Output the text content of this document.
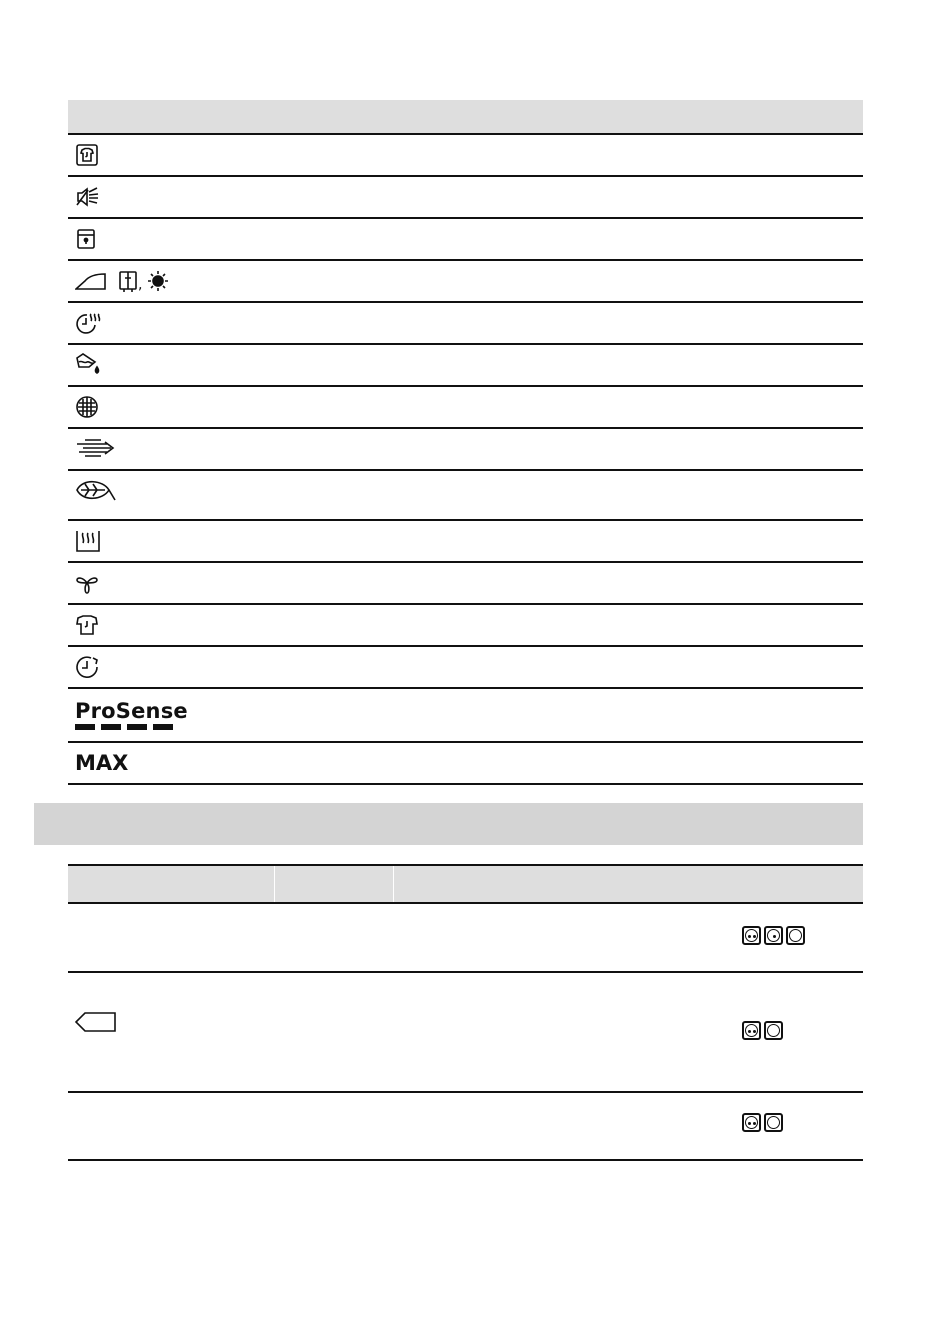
,
ProSense
MAX
